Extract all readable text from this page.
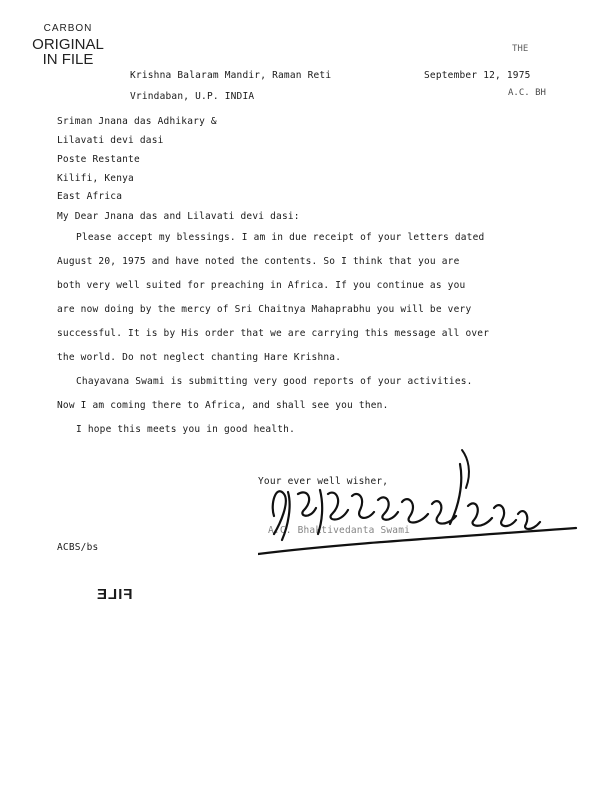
CARBON
ORIGINAL
IN FILE
Krishna Balaram Mandir, Raman Reti
Vrindaban, U.P. INDIA
September 12, 1975
THE
A.C. BH
Sriman Jnana das Adhikary &
Lilavati devi dasi
Poste Restante
Kilifi, Kenya
East Africa
My Dear Jnana das and Lilavati devi dasi:
Please accept my blessings. I am in due receipt of your letters dated
August 20, 1975 and have noted the contents. So I think that you are
both very well suited for preaching in Africa. If you continue as you
are now doing by the mercy of Sri Chaitnya Mahaprabhu you will be very
successful. It is by His order that we are carrying this message all over
the world. Do not neglect chanting Hare Krishna.
Chayavana Swami is submitting very good reports of your activities.
Now I am coming there to Africa, and shall see you then.
I hope this meets you in good health.
Your ever well wisher,
A.C. Bhaktivedanta Swami
ACBS/bs
FILE
